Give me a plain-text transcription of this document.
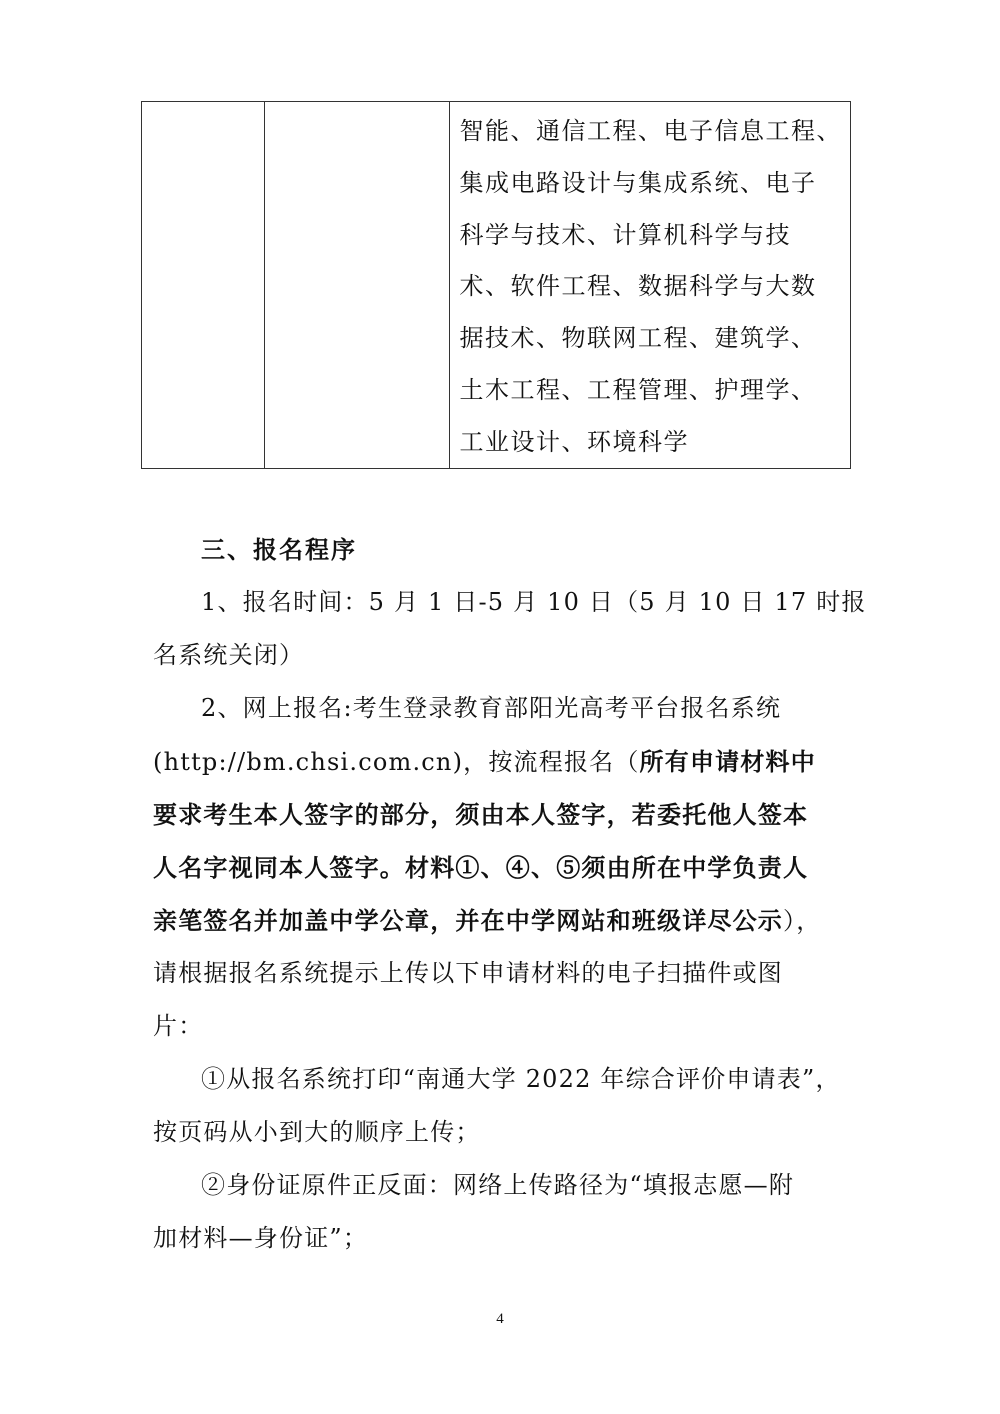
智能、通信工程、电子信息工程、
集成电路设计与集成系统、电子
科学与技术、计算机科学与技
术、软件工程、数据科学与大数
据技术、物联网工程、建筑学、
土木工程、工程管理、护理学、
工业设计、环境科学
三、报名程序
1、报名时间：5 月 1 日-5 月 10 日（5 月 10 日 17 时报
名系统关闭）
2、网上报名:考生登录教育部阳光高考平台报名系统
(http://bm.chsi.com.cn)，按流程报名（所有申请材料中
要求考生本人签字的部分，须由本人签字，若委托他人签本
人名字视同本人签字。材料①、④、⑤须由所在中学负责人
亲笔签名并加盖中学公章，并在中学网站和班级详尽公示），
请根据报名系统提示上传以下申请材料的电子扫描件或图
片：
①从报名系统打印“南通大学 2022 年综合评价申请表”，
按页码从小到大的顺序上传；
②身份证原件正反面：网络上传路径为“填报志愿—附
加材料—身份证”；
4
